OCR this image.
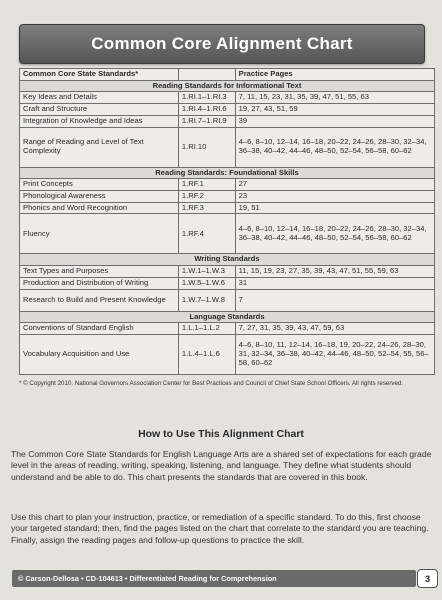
Common Core Alignment Chart
Common Core State Standards*		Practice Pages
Reading Standards for Informational Text		
Key Ideas and Details	1.RI.1–1.RI.3	7, 11, 15, 23, 31, 35, 39, 47, 51, 55, 63
Craft and Structure	1.RI.4–1.RI.6	19, 27, 43, 51, 59
Integration of Knowledge and Ideas	1.RI.7–1.RI.9	39
Range of Reading and Level of Text Complexity	1.RI.10	4–6, 8–10, 12–14, 16–18, 20–22, 24–26, 28–30, 32–34, 36–38, 40–42, 44–46, 48–50, 52–54, 56–58, 60–62
Reading Standards: Foundational Skills		
Print Concepts	1.RF.1	27
Phonological Awareness	1.RF.2	23
Phonics and Word Recognition	1.RF.3	19, 51
Fluency	1.RF.4	4–6, 8–10, 12–14, 16–18, 20–22, 24–26, 28–30, 32–34, 36–38, 40–42, 44–46, 48–50, 52–54, 56–58, 60–62
Writing Standards		
Text Types and Purposes	1.W.1–1.W.3	11, 15, 19, 23, 27, 35, 39, 43, 47, 51, 55, 59, 63
Production and Distribution of Writing	1.W.5–1.W.6	31
Research to Build and Present Knowledge	1.W.7–1.W.8	7
Language Standards		
Conventions of Standard English	1.L.1–1.L.2	7, 27, 31, 35, 39, 43, 47, 59, 63
Vocabulary Acquisition and Use	1.L.4–1.L.6	4–6, 8–10, 11, 12–14, 16–18, 19, 20–22, 24–26, 28–30, 31, 32–34, 36–38, 40–42, 44–46, 48–50, 52–54, 55, 56–58, 60–62
* © Copyright 2010. National Governors Association Center for Best Practices and Council of Chief State School Officers. All rights reserved.
How to Use This Alignment Chart

The Common Core State Standards for English Language Arts are a shared set of expectations for each grade level in the areas of reading, writing, speaking, listening, and language. They define what students should understand and be able to do. This chart presents the standards that are covered in this book.

Use this chart to plan your instruction, practice, or remediation of a specific standard. To do this, first choose your targeted standard; then, find the pages listed on the chart that correlate to the standard you are teaching. Finally, assign the reading pages and follow-up questions to practice the skill.

© Carson-Dellosa • CD-104613 • Differentiated Reading for Comprehension	3
